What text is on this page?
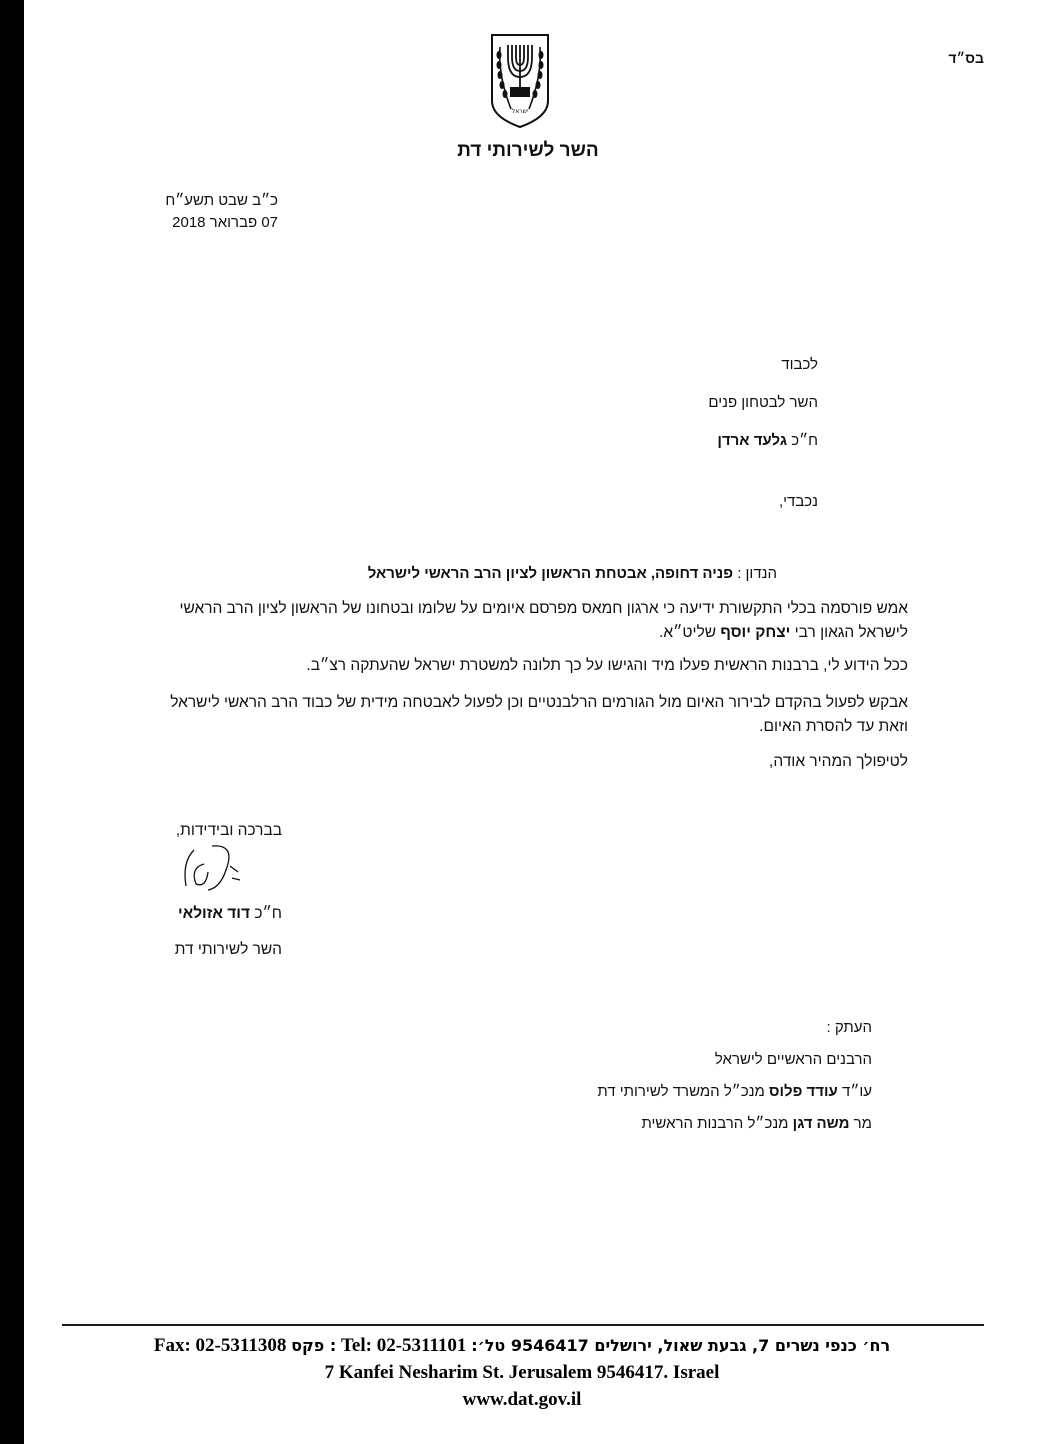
בס״ד
ישראל
השר לשירותי דת
כ״ב שבט תשע״ח
07 פברואר 2018
לכבוד
השר לבטחון פנים
ח״כ גלעד ארדן
נכבדי,
הנדון : פניה דחופה, אבטחת הראשון לציון הרב הראשי לישראל
אמש פורסמה בכלי התקשורת ידיעה כי ארגון חמאס מפרסם איומים על שלומו ובטחונו של הראשון לציון הרב הראשי לישראל הגאון רבי יצחק יוסף שליט״א.
ככל הידוע לי, ברבנות הראשית פעלו מיד והגישו על כך תלונה למשטרת ישראל שהעתקה רצ״ב.
אבקש לפעול בהקדם לבירור האיום מול הגורמים הרלבנטיים וכן לפעול לאבטחה מידית של כבוד הרב הראשי לישראל וזאת עד להסרת האיום.
לטיפולך המהיר אודה,
בברכה ובידידות,
ח״כ דוד אזולאי
השר לשירותי דת
העתק :
הרבנים הראשיים לישראל
עו״ד עודד פלוס מנכ״ל המשרד לשירותי דת
מר משה דגן מנכ״ל הרבנות הראשית
Fax: 02-5311308 : פקס Tel: 02-5311101 רח׳ כנפי נשרים 7, גבעת שאול, ירושלים 9546417 טל׳:
7 Kanfei Nesharim St. Jerusalem 9546417. Israel
www.dat.gov.il
